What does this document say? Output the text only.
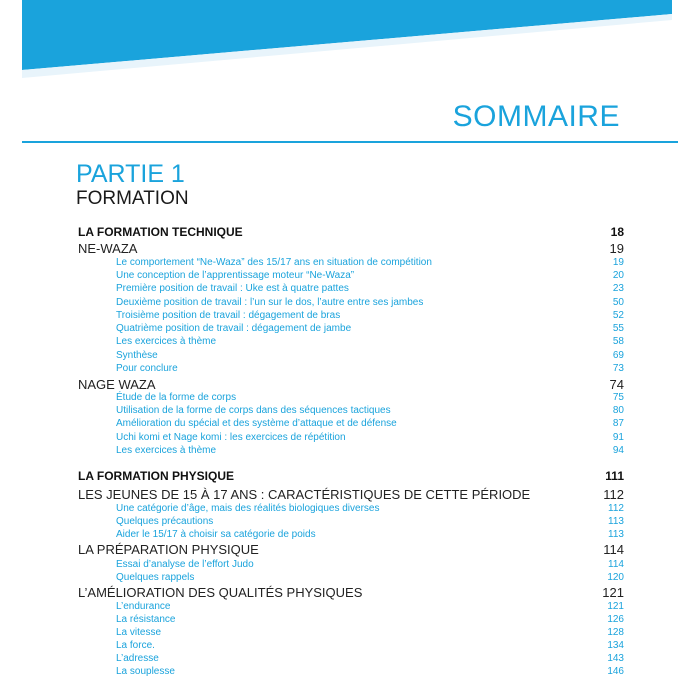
SOMMAIRE
PARTIE 1
FORMATION
LA FORMATION TECHNIQUE	18
NE-WAZA	19
Le comportement “Ne-Waza” des 15/17 ans en situation de compétition	19
Une conception de l’apprentissage moteur “Ne-Waza”	20
Première position de travail : Uke est à quatre pattes	23
Deuxième position de travail : l’un sur le dos, l’autre entre ses jambes	50
Troisième position de travail : dégagement de bras	52
Quatrième position de travail : dégagement de jambe	55
Les exercices à thème	58
Synthèse	69
Pour conclure	73
NAGE WAZA	74
Étude de la forme de corps	75
Utilisation de la forme de corps dans des séquences tactiques	80
Amélioration du spécial et des système d’attaque et de défense	87
Uchi komi et Nage komi : les exercices de répétition	91
Les exercices à thème	94
LA FORMATION PHYSIQUE	111
LES JEUNES DE 15 À 17 ANS : CARACTÉRISTIQUES DE CETTE PÉRIODE	112
Une catégorie d’âge, mais des réalités biologiques diverses	112
Quelques précautions	113
Aider le 15/17 à choisir sa catégorie de poids	113
LA PRÉPARATION PHYSIQUE	114
Essai d’analyse de l’effort Judo	114
Quelques rappels	120
L’AMÉLIORATION DES QUALITÉS PHYSIQUES	121
L’endurance	121
La résistance	126
La vitesse	128
La force.	134
L’adresse	143
La souplesse	146
